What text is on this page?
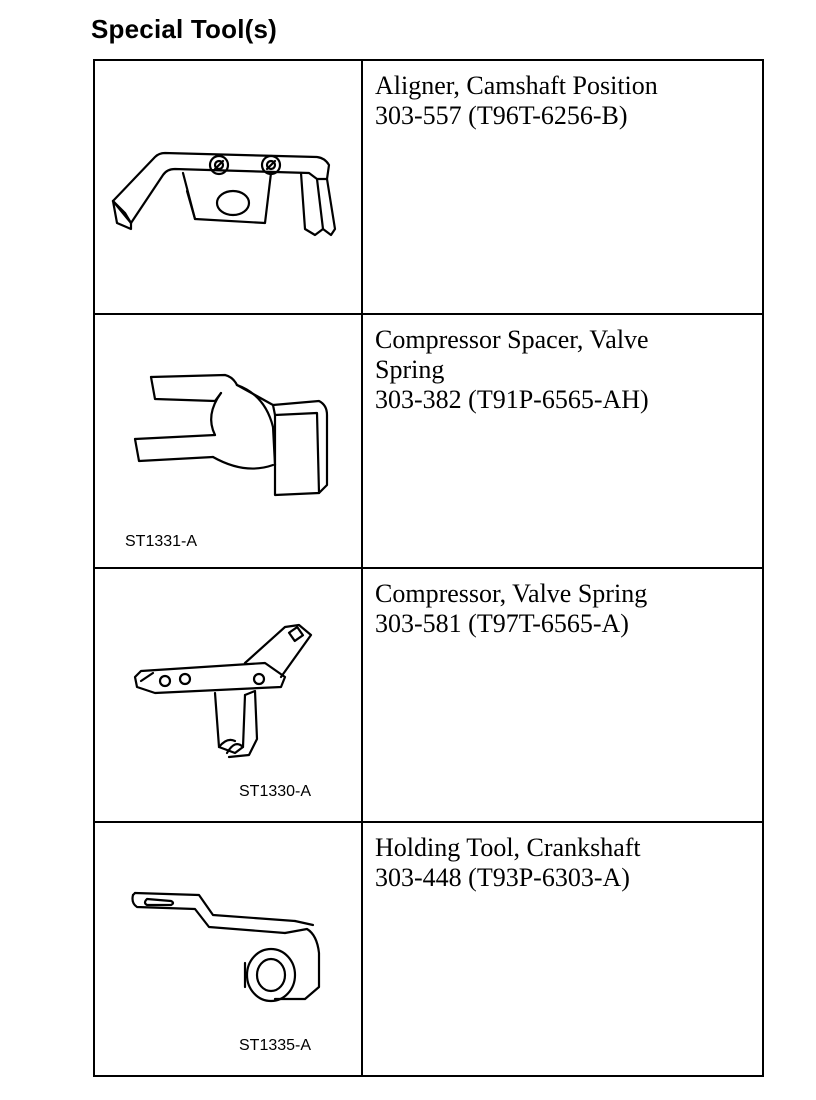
Special Tool(s)

Aligner, Camshaft Position
303-557 (T96T-6256-B)

ST1331-A	Compressor Spacer, Valve
Spring
303-382 (T91P-6565-AH)

ST1330-A	Compressor, Valve Spring
303-581 (T97T-6565-A)

ST1335-A	Holding Tool, Crankshaft
303-448 (T93P-6303-A)
